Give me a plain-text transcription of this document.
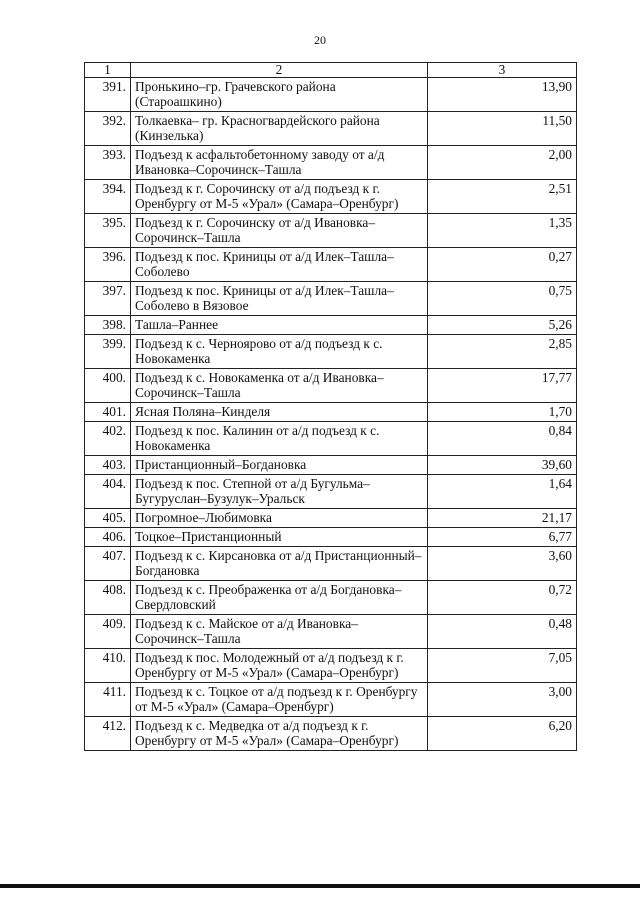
20
1	2	3
391.	Пронькино–гр. Грачевского района (Староашкино)	13,90
392.	Толкаевка– гр. Красногвардейского района (Кинзелька)	11,50
393.	Подъезд к асфальтобетонному заводу от а/д Ивановка–Сорочинск–Ташла	2,00
394.	Подъезд к г. Сорочинску от а/д подъезд к г. Оренбургу от М-5 «Урал» (Самара–Оренбург)	2,51
395.	Подъезд к г. Сорочинску от а/д Ивановка–Сорочинск–Ташла	1,35
396.	Подъезд к пос. Криницы от а/д Илек–Ташла–Соболево	0,27
397.	Подъезд к пос. Криницы от а/д Илек–Ташла–Соболево в Вязовое	0,75
398.	Ташла–Раннее	5,26
399.	Подъезд к с. Черноярово от а/д подъезд к с. Новокаменка	2,85
400.	Подъезд к с. Новокаменка от а/д Ивановка–Сорочинск–Ташла	17,77
401.	Ясная Поляна–Кинделя	1,70
402.	Подъезд к пос. Калинин от а/д подъезд к с. Новокаменка	0,84
403.	Пристанционный–Богдановка	39,60
404.	Подъезд к пос. Степной от а/д Бугульма–Бугуруслан–Бузулук–Уральск	1,64
405.	Погромное–Любимовка	21,17
406.	Тоцкое–Пристанционный	6,77
407.	Подъезд к с. Кирсановка от а/д Пристанционный–Богдановка	3,60
408.	Подъезд к с. Преображенка от а/д Богдановка–Свердловский	0,72
409.	Подъезд к с. Майское от а/д Ивановка–Сорочинск–Ташла	0,48
410.	Подъезд к пос. Молодежный от а/д подъезд к г. Оренбургу от М-5 «Урал» (Самара–Оренбург)	7,05
411.	Подъезд к с. Тоцкое от а/д подъезд к г. Оренбургу от М-5 «Урал» (Самара–Оренбург)	3,00
412.	Подъезд к с. Медведка от а/д подъезд к г. Оренбургу от М-5 «Урал» (Самара–Оренбург)	6,20
